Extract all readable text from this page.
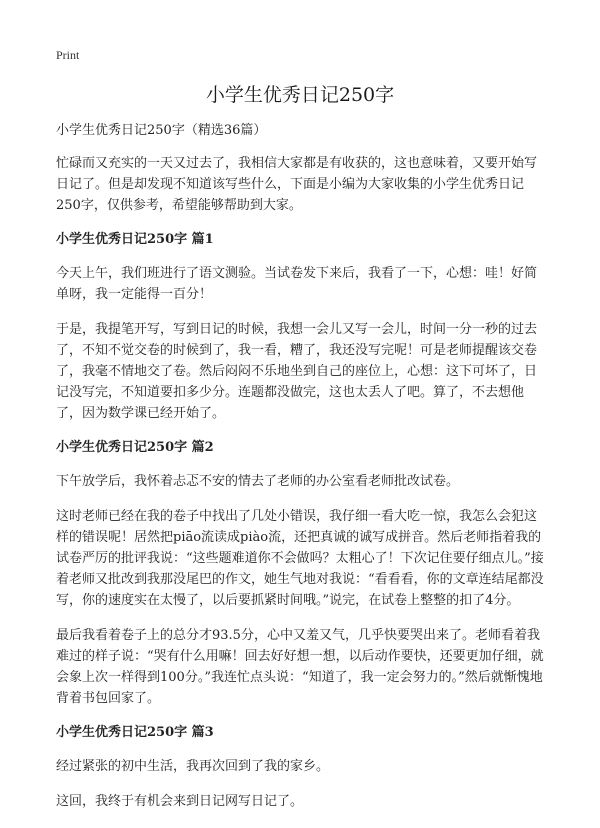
Print
小学生优秀日记250字

小学生优秀日记250字（精选36篇）

忙碌而又充实的一天又过去了，我相信大家都是有收获的，这也意味着，又要开始写日记了。但是却发现不知道该写些什么，下面是小编为大家收集的小学生优秀日记250字，仅供参考，希望能够帮助到大家。

小学生优秀日记250字 篇1

今天上午，我们班进行了语文测验。当试卷发下来后，我看了一下，心想：哇！好简单呀，我一定能得一百分！

于是，我提笔开写，写到日记的时候，我想一会儿又写一会儿，时间一分一秒的过去了，不知不觉交卷的时候到了，我一看，糟了，我还没写完呢！可是老师提醒该交卷了，我毫不情地交了卷。然后闷闷不乐地坐到自己的座位上，心想：这下可坏了，日记没写完，不知道要扣多少分。连题都没做完，这也太丢人了吧。算了，不去想他了，因为数学课已经开始了。

小学生优秀日记250字 篇2

下午放学后，我怀着忐忑不安的情去了老师的办公室看老师批改试卷。

这时老师已经在我的卷子中找出了几处小错误，我仔细一看大吃一惊，我怎么会犯这样的错误呢！居然把piāo流读成piào流，还把真诚的诚写成拼音。然后老师指着我的试卷严厉的批评我说：“这些题难道你不会做吗？太粗心了！下次记住要仔细点儿。”接着老师又批改到我那没尾巴的作文，她生气地对我说：“看看看，你的文章连结尾都没写，你的速度实在太慢了，以后要抓紧时间哦。”说完，在试卷上整整的扣了4分。

最后我看着卷子上的总分才93.5分，心中又羞又气，几乎快要哭出来了。老师看着我难过的样子说：“哭有什么用嘛！回去好好想一想，以后动作要快，还要更加仔细，就会象上次一样得到100分。”我连忙点头说：“知道了，我一定会努力的。”然后就惭愧地背着书包回家了。

小学生优秀日记250字 篇3

经过紧张的初中生活，我再次回到了我的家乡。

这回，我终于有机会来到日记网写日记了。
